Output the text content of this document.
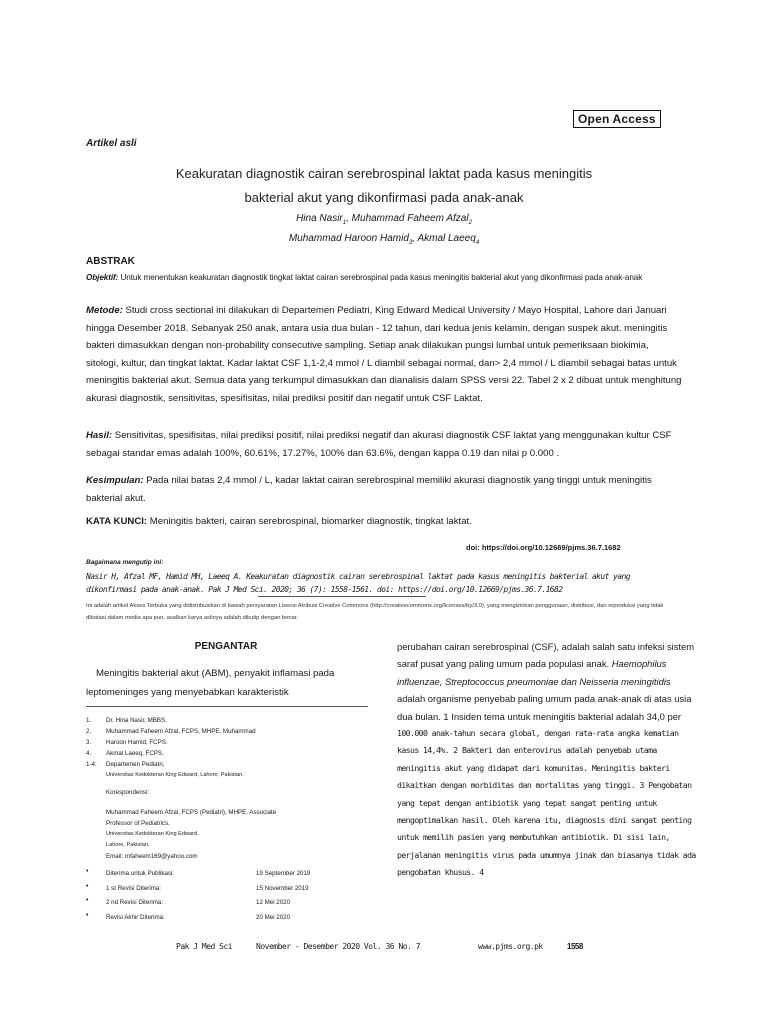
Open Access
Artikel asli
Keakuratan diagnostik cairan serebrospinal laktat pada kasus meningitis
bakterial akut yang dikonfirmasi pada anak-anak
Hina Nasir$_1$, Muhammad Faheem Afzal$_2$
Muhammad Haroon Hamid$_3$, Akmal Laeeq$_4$
ABSTRAK
Objektif: Untuk menentukan keakuratan diagnostik tingkat laktat cairan serebrospinal pada kasus meningitis bakterial akut yang dikonfirmasi pada anak-anak
Metode: Studi cross sectional ini dilakukan di Departemen Pediatri, King Edward Medical University / Mayo Hospital, Lahore dari Januari hingga Desember 2018. Sebanyak 250 anak, antara usia dua bulan - 12 tahun, dari kedua jenis kelamin, dengan suspek akut. meningitis bakteri dimasukkan dengan non-probability consecutive sampling. Setiap anak dilakukan pungsi lumbal untuk pemeriksaan biokimia, sitologi, kultur, dan tingkat laktat. Kadar laktat CSF 1,1-2,4 mmol / L diambil sebagai normal, dan> 2,4 mmol / L diambil sebagai batas untuk meningitis bakterial akut. Semua data yang terkumpul dimasukkan dan dianalisis dalam SPSS versi 22. Tabel 2 x 2 dibuat untuk menghitung akurasi diagnostik, sensitivitas, spesifisitas, nilai prediksi positif dan negatif untuk CSF Laktat.
Hasil: Sensitivitas, spesifisitas, nilai prediksi positif, nilai prediksi negatif dan akurasi diagnostik CSF laktat yang menggunakan kultur CSF sebagai standar emas adalah 100%, 60.61%, 17.27%, 100% dan 63.6%, dengan kappa 0.19 dan nilai p 0.000 .
Kesimpulan: Pada nilai batas 2,4 mmol / L, kadar laktat cairan serebrospinal memiliki akurasi diagnostik yang tinggi untuk meningitis bakterial akut.
KATA KUNCI: Meningitis bakteri, cairan serebrospinal, biomarker diagnostik, tingkat laktat.
doi: https://doi.org/10.12669/pjms.36.7.1682
Bagaimana mengutip ini:
Nasir H, Afzal MF, Hamid MH, Laeeq A. Keakuratan diagnostik cairan serebrospinal laktat pada kasus meningitis bakterial akut yang dikonfirmasi pada anak-anak. Pak J Med Sci. 2020; 36 (7): 1558-1561. doi: https://doi.org/10.12669/pjms.36.7.1682
Ini adalah artikel Akses Terbuka yang didistribusikan di bawah persyaratan Lisensi Atribusi Creative Commons (http://creativecommons.org/licenses/by/3.0), yang mengizinkan penggunaan, distribusi, dan reproduksi yang tidak dibatasi dalam media apa pun, asalkan karya aslinya adalah dikutip dengan benar.
PENGANTAR
Meningitis bakterial akut (ABM), penyakit inflamasi pada leptomeninges yang menyebabkan karakteristik
1. Dr. Hina Nasir, MBBS.
2. Muhammad Faheem Afzal, FCPS, MHPE. Muhammad
3. Haroon Hamid, FCPS.
4. Akmal Laeeq, FCPS.
1-4: Departemen Pediatri,
Universitas Kedokteran King Edward, Lahore, Pakistan.
Korespondensi:
Muhammad Faheem Afzal, FCPS (Pediatri), MHPE. Associate
Professor of Pediatrics,
Universitas Kedokteran King Edward.
Lahore, Pakistan.
Email: mfaheem169@yahoo.com
•	Diterima untuk Publikasi:	19 September 2019
•	1 st Revisi Diterima:	15 November 2019
•	2 nd Revisi Diterima:	12 Mei 2020
•	Revisi Akhir Diterima:	20 Mei 2020
perubahan cairan serebrospinal (CSF), adalah salah satu infeksi sistem saraf pusat yang paling umum pada populasi anak. Haemophilus influenzae, Streptococcus pneumoniae dan Neisseria meningitidis
adalah organisme penyebab paling umum pada anak-anak di atas usia dua bulan. 1 Insiden tema untuk meningitis bakterial adalah 34,0 per
100.000 anak-tahun secara global, dengan rata-rata angka kematian kasus 14,4%. 2 Bakteri dan enterovirus adalah penyebab utama meningitis akut yang didapat dari komunitas. Meningitis bakteri dikaitkan dengan morbiditas dan mortalitas yang tinggi. 3 Pengobatan yang tepat dengan antibiotik yang tepat sangat penting untuk mengoptimalkan hasil. Oleh karena itu, diagnosis dini sangat penting untuk memilih pasien yang membutuhkan antibiotik. Di sisi lain, perjalanan meningitis virus pada umumnya jinak dan biasanya tidak ada pengobatan khusus. 4
Pak J Med Sci	November - Desember 2020 Vol. 36 No. 7	www.pjms.org.pk	1558
